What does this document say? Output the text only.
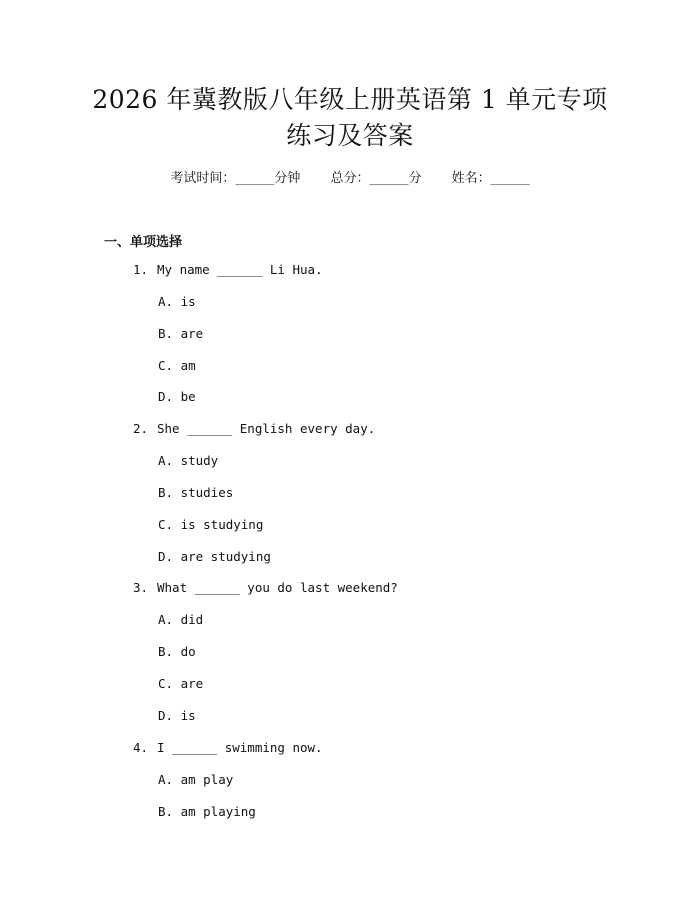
2026 年冀教版八年级上册英语第 1 单元专项
练习及答案
考试时间：______分钟 总分：______分 姓名：______
一、单项选择
1. My name ______ Li Hua.
A. is
B. are
C. am
D. be
2. She ______ English every day.
A. study
B. studies
C. is studying
D. are studying
3. What ______ you do last weekend?
A. did
B. do
C. are
D. is
4. I ______ swimming now.
A. am play
B. am playing
